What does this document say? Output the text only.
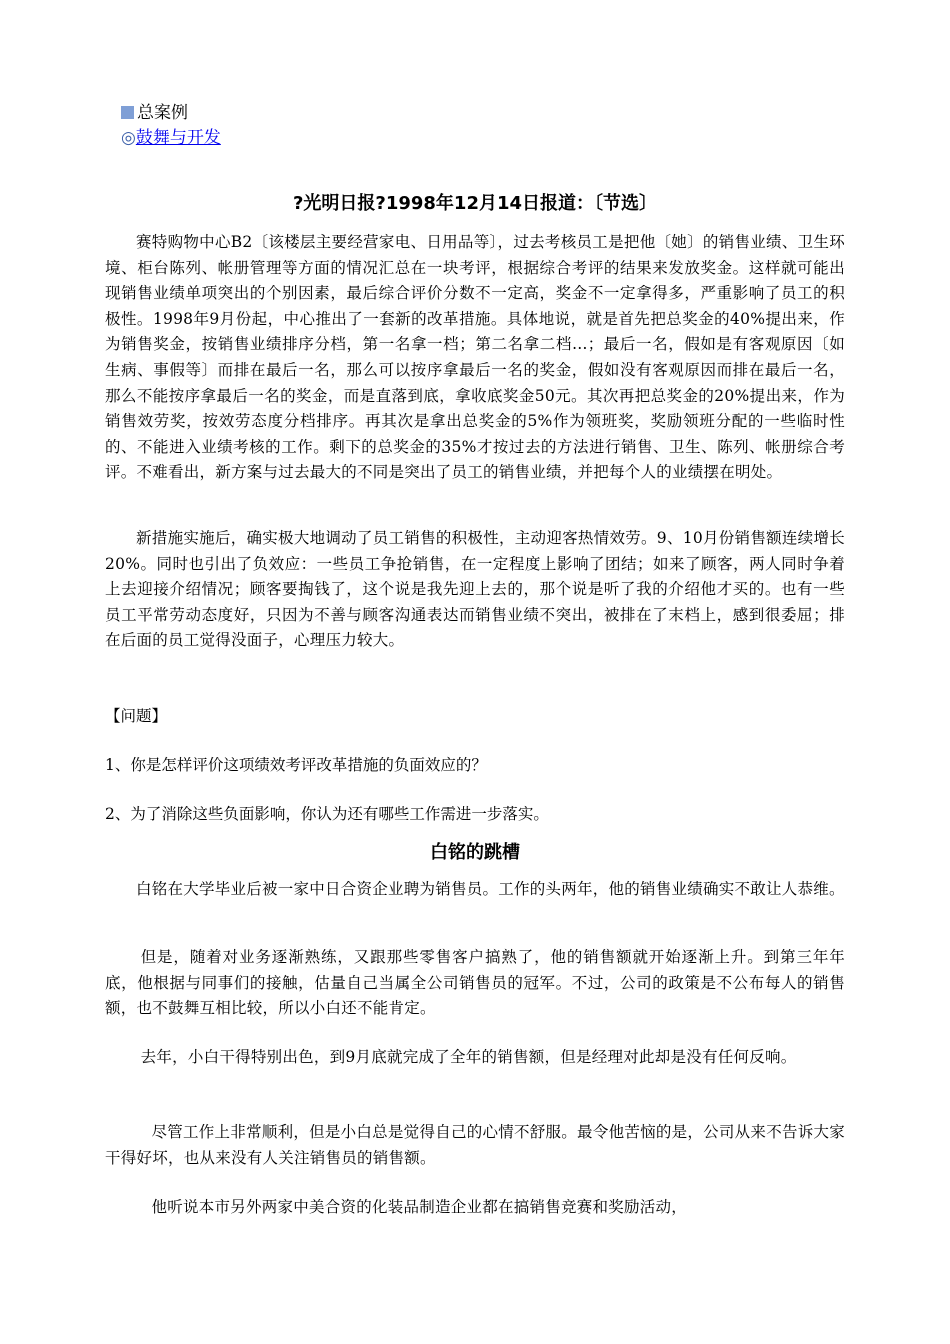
总案例
◎鼓舞与开发
?光明日报?1998年12月14日报道：〔节选〕
赛特购物中心B2〔该楼层主要经营家电、日用品等〕，过去考核员工是把他〔她〕的销售业绩、卫生环境、柜台陈列、帐册管理等方面的情况汇总在一块考评，根据综合考评的结果来发放奖金。这样就可能出现销售业绩单项突出的个别因素，最后综合评价分数不一定高，奖金不一定拿得多，严重影响了员工的积极性。1998年9月份起，中心推出了一套新的改革措施。具体地说，就是首先把总奖金的40%提出来，作为销售奖金，按销售业绩排序分档，第一名拿一档；第二名拿二档…；最后一名，假如是有客观原因〔如生病、事假等〕而排在最后一名，那么可以按序拿最后一名的奖金，假如没有客观原因而排在最后一名，那么不能按序拿最后一名的奖金，而是直落到底，拿收底奖金50元。其次再把总奖金的20%提出来，作为销售效劳奖，按效劳态度分档排序。再其次是拿出总奖金的5%作为领班奖，奖励领班分配的一些临时性的、不能进入业绩考核的工作。剩下的总奖金的35%才按过去的方法进行销售、卫生、陈列、帐册综合考评。不难看出，新方案与过去最大的不同是突出了员工的销售业绩，并把每个人的业绩摆在明处。
新措施实施后，确实极大地调动了员工销售的积极性，主动迎客热情效劳。9、10月份销售额连续增长20%。同时也引出了负效应：一些员工争抢销售，在一定程度上影响了团结；如来了顾客，两人同时争着上去迎接介绍情况；顾客要掏钱了，这个说是我先迎上去的，那个说是听了我的介绍他才买的。也有一些员工平常劳动态度好，只因为不善与顾客沟通表达而销售业绩不突出，被排在了末档上，感到很委屈；排在后面的员工觉得没面子，心理压力较大。
【问题】
1、你是怎样评价这项绩效考评改革措施的负面效应的？
2、为了消除这些负面影响，你认为还有哪些工作需进一步落实。
白铭的跳槽
白铭在大学毕业后被一家中日合资企业聘为销售员。工作的头两年，他的销售业绩确实不敢让人恭维。
但是，随着对业务逐渐熟练，又跟那些零售客户搞熟了，他的销售额就开始逐渐上升。到第三年年底，他根据与同事们的接触，估量自己当属全公司销售员的冠军。不过，公司的政策是不公布每人的销售额，也不鼓舞互相比较，所以小白还不能肯定。
去年，小白干得特别出色，到9月底就完成了全年的销售额，但是经理对此却是没有任何反响。
尽管工作上非常顺利，但是小白总是觉得自己的心情不舒服。最令他苦恼的是，公司从来不告诉大家干得好坏，也从来没有人关注销售员的销售额。
他听说本市另外两家中美合资的化装品制造企业都在搞销售竞赛和奖励活动，
